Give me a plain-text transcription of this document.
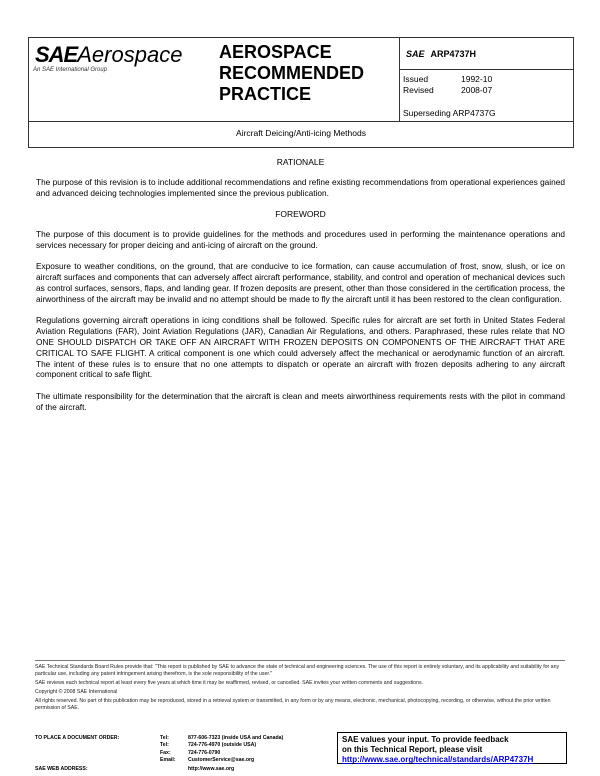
SAEAerospace
An SAE International Group
AEROSPACE
RECOMMENDED
PRACTICE
SAE ARP4737H
Issued	1992-10
Revised	2008-07
Superseding ARP4737G
Aircraft Deicing/Anti-icing Methods
RATIONALE

The purpose of this revision is to include additional recommendations and refine existing recommendations from operational experiences gained and advanced deicing technologies implemented since the previous publication.

FOREWORD

The purpose of this document is to provide guidelines for the methods and procedures used in performing the maintenance operations and services necessary for proper deicing and anti-icing of aircraft on the ground.

Exposure to weather conditions, on the ground, that are conducive to ice formation, can cause accumulation of frost, snow, slush, or ice on aircraft surfaces and components that can adversely affect aircraft performance, stability, and control and operation of mechanical devices such as control surfaces, sensors, flaps, and landing gear. If frozen deposits are present, other than those considered in the certification process, the airworthiness of the aircraft may be invalid and no attempt should be made to fly the aircraft until it has been restored to the clean configuration.

Regulations governing aircraft operations in icing conditions shall be followed. Specific rules for aircraft are set forth in United States Federal Aviation Regulations (FAR), Joint Aviation Regulations (JAR), Canadian Air Regulations, and others. Paraphrased, these rules relate that NO ONE SHOULD DISPATCH OR TAKE OFF AN AIRCRAFT WITH FROZEN DEPOSITS ON COMPONENTS OF THE AIRCRAFT THAT ARE CRITICAL TO SAFE FLIGHT. A critical component is one which could adversely affect the mechanical or aerodynamic function of an aircraft. The intent of these rules is to ensure that no one attempts to dispatch or operate an aircraft with frozen deposits adhering to any aircraft component critical to safe flight.

The ultimate responsibility for the determination that the aircraft is clean and meets airworthiness requirements rests with the pilot in command of the aircraft.

SAE Technical Standards Board Rules provide that: "This report is published by SAE to advance the state of technical and engineering sciences. The use of this report is entirely voluntary, and its applicability and suitability for any particular use, including any patent infringement arising therefrom, is the sole responsibility of the user."

SAE reviews each technical report at least every five years at which time it may be reaffirmed, revised, or cancelled. SAE invites your written comments and suggestions.

Copyright © 2008 SAE International

All rights reserved. No part of this publication may be reproduced, stored in a retrieval system or transmitted, in any form or by any means, electronic, mechanical, photocopying, recording, or otherwise, without the prior written permission of SAE.

TO PLACE A DOCUMENT ORDER:	Tel:	877-606-7323 (inside USA and Canada)
Tel:	724-776-4970 (outside USA)
Fax:	724-776-0790
Email:	CustomerService@sae.org
SAE WEB ADDRESS:	http://www.sae.org
SAE values your input. To provide feedback
on this Technical Report, please visit
http://www.sae.org/technical/standards/ARP4737H
